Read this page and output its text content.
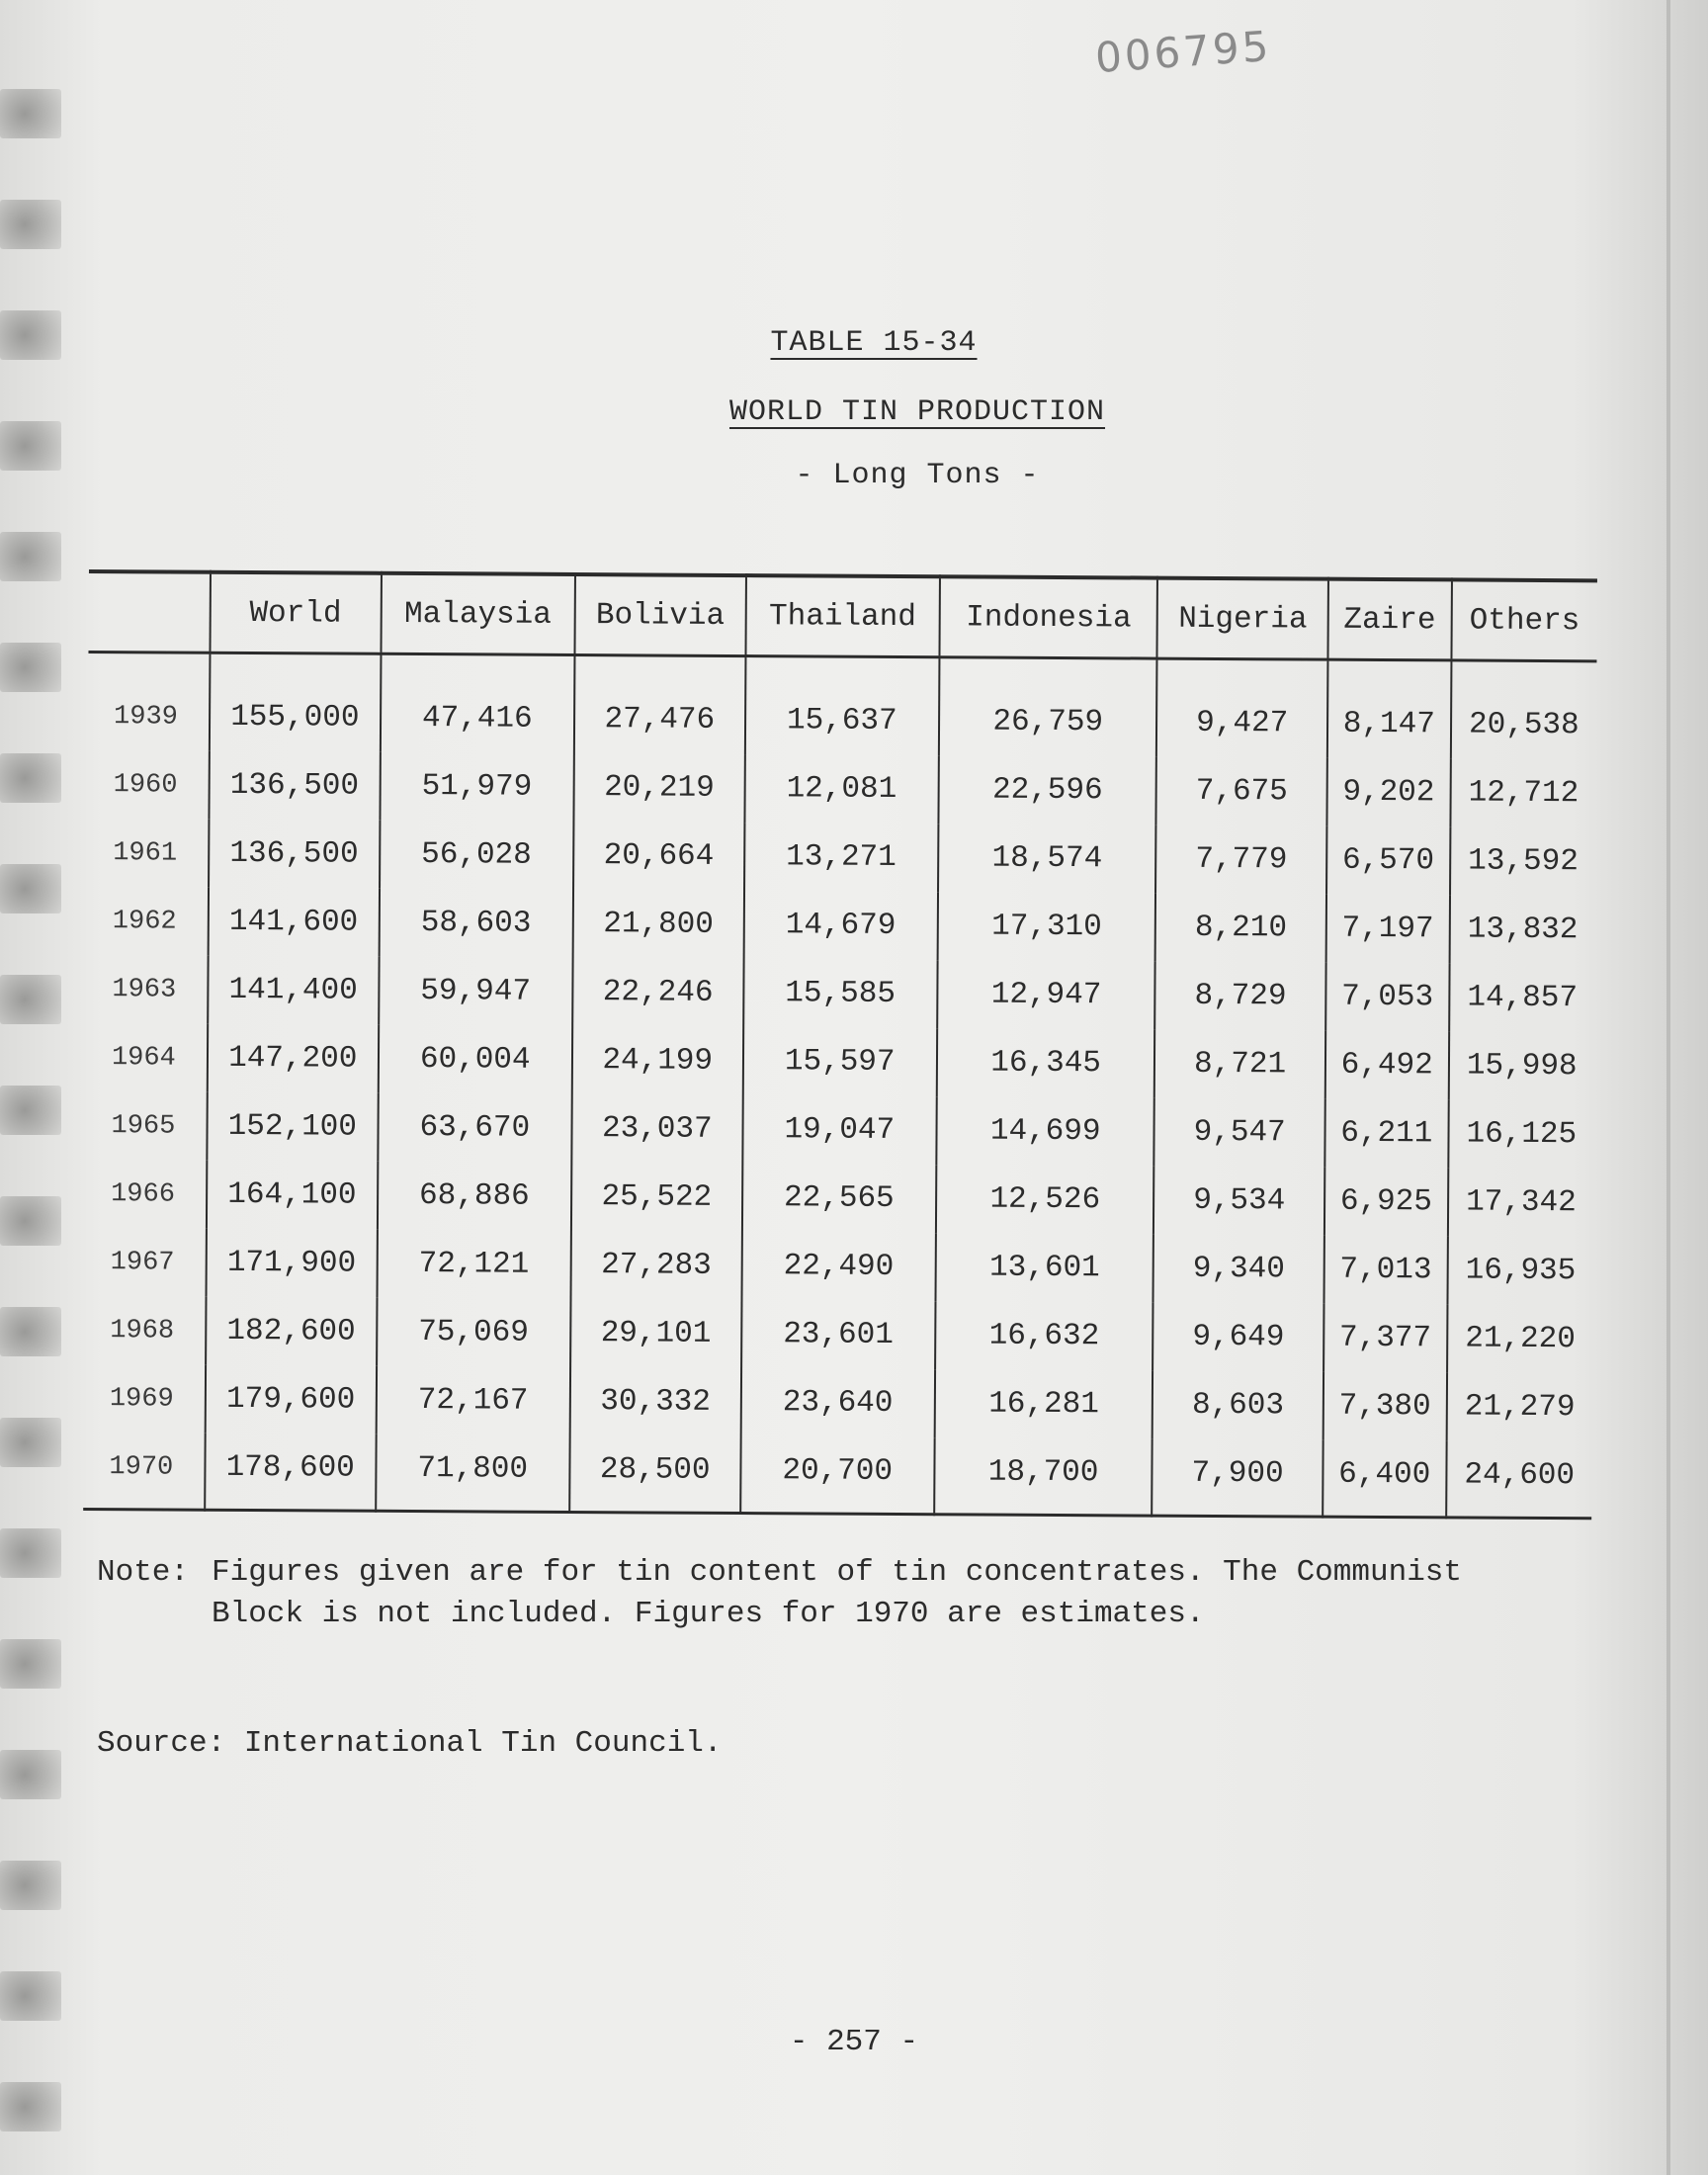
006795
TABLE 15-34
WORLD TIN PRODUCTION
- Long Tons -
	World	Malaysia	Bolivia	Thailand	Indonesia	Nigeria	Zaire	Others
1939	155,000	47,416	27,476	15,637	26,759	9,427	8,147	20,538
1960	136,500	51,979	20,219	12,081	22,596	7,675	9,202	12,712
1961	136,500	56,028	20,664	13,271	18,574	7,779	6,570	13,592
1962	141,600	58,603	21,800	14,679	17,310	8,210	7,197	13,832
1963	141,400	59,947	22,246	15,585	12,947	8,729	7,053	14,857
1964	147,200	60,004	24,199	15,597	16,345	8,721	6,492	15,998
1965	152,100	63,670	23,037	19,047	14,699	9,547	6,211	16,125
1966	164,100	68,886	25,522	22,565	12,526	9,534	6,925	17,342
1967	171,900	72,121	27,283	22,490	13,601	9,340	7,013	16,935
1968	182,600	75,069	29,101	23,601	16,632	9,649	7,377	21,220
1969	179,600	72,167	30,332	23,640	16,281	8,603	7,380	21,279
1970	178,600	71,800	28,500	20,700	18,700	7,900	6,400	24,600
Note: Figures given are for tin content of tin concentrates. The Communist Block is not included. Figures for 1970 are estimates.
Source: International Tin Council.
- 257 -
